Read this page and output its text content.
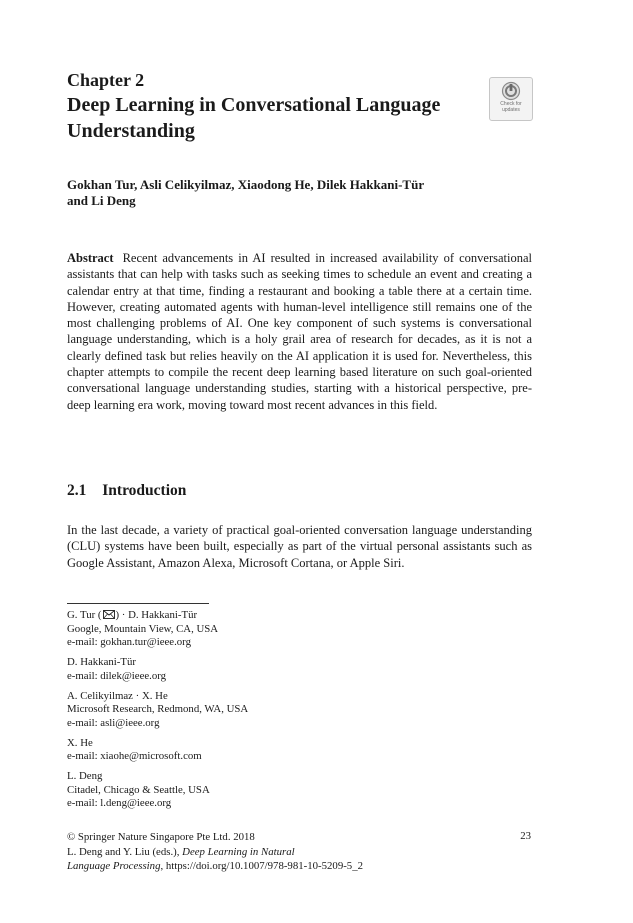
Chapter 2
Deep Learning in Conversational Language Understanding
Check for
updates
Gokhan Tur, Asli Celikyilmaz, Xiaodong He, Dilek Hakkani-Tür
and Li Deng
Abstract Recent advancements in AI resulted in increased availability of conversational assistants that can help with tasks such as seeking times to schedule an event and creating a calendar entry at that time, finding a restaurant and booking a table there at a certain time. However, creating automated agents with human-level intelligence still remains one of the most challenging problems of AI. One key component of such systems is conversational language understanding, which is a holy grail area of research for decades, as it is not a clearly defined task but relies heavily on the AI application it is used for. Nevertheless, this chapter attempts to compile the recent deep learning based literature on such goal-oriented conversational language understanding studies, starting with a historical perspective, pre-deep learning era work, moving toward most recent advances in this field.
2.1 Introduction
In the last decade, a variety of practical goal-oriented conversation language understanding (CLU) systems have been built, especially as part of the virtual personal assistants such as Google Assistant, Amazon Alexa, Microsoft Cortana, or Apple Siri.
G. Tur ( ) · D. Hakkani-Tür
Google, Mountain View, CA, USA
e-mail: gokhan.tur@ieee.org
D. Hakkani-Tür
e-mail: dilek@ieee.org
A. Celikyilmaz · X. He
Microsoft Research, Redmond, WA, USA
e-mail: asli@ieee.org
X. He
e-mail: xiaohe@microsoft.com
L. Deng
Citadel, Chicago & Seattle, USA
e-mail: l.deng@ieee.org
© Springer Nature Singapore Pte Ltd. 2018
L. Deng and Y. Liu (eds.), Deep Learning in Natural
Language Processing, https://doi.org/10.1007/978-981-10-5209-5_2
23
